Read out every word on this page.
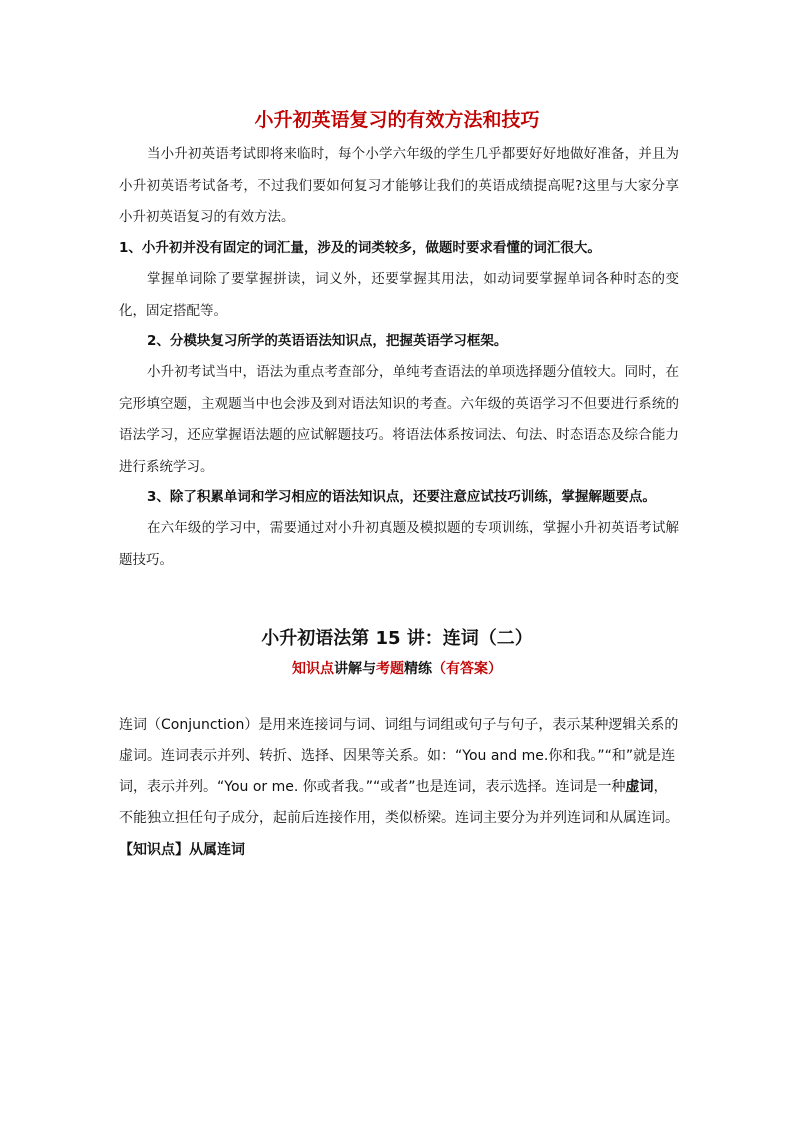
小升初英语复习的有效方法和技巧

当小升初英语考试即将来临时，每个小学六年级的学生几乎都要好好地做好准备，并且为小升初英语考试备考，不过我们要如何复习才能够让我们的英语成绩提高呢?这里与大家分享小升初英语复习的有效方法。

1、小升初并没有固定的词汇量，涉及的词类较多，做题时要求看懂的词汇很大。

掌握单词除了要掌握拼读，词义外，还要掌握其用法，如动词要掌握单词各种时态的变化，固定搭配等。

2、分模块复习所学的英语语法知识点，把握英语学习框架。

小升初考试当中，语法为重点考查部分，单纯考查语法的单项选择题分值较大。同时，在完形填空题，主观题当中也会涉及到对语法知识的考查。六年级的英语学习不但要进行系统的语法学习，还应掌握语法题的应试解题技巧。将语法体系按词法、句法、时态语态及综合能力进行系统学习。

3、除了积累单词和学习相应的语法知识点，还要注意应试技巧训练，掌握解题要点。

在六年级的学习中，需要通过对小升初真题及模拟题的专项训练，掌握小升初英语考试解题技巧。

小升初语法第 15 讲：连词（二）
知识点讲解与考题精练（有答案）

连词（Conjunction）是用来连接词与词、词组与词组或句子与句子，表示某种逻辑关系的虚词。连词表示并列、转折、选择、因果等关系。如：“You and me.你和我。”“和”就是连词，表示并列。“You or me. 你或者我。”“或者”也是连词，表示选择。连词是一种虚词，不能独立担任句子成分，起前后连接作用，类似桥梁。连词主要分为并列连词和从属连词。

【知识点】从属连词
